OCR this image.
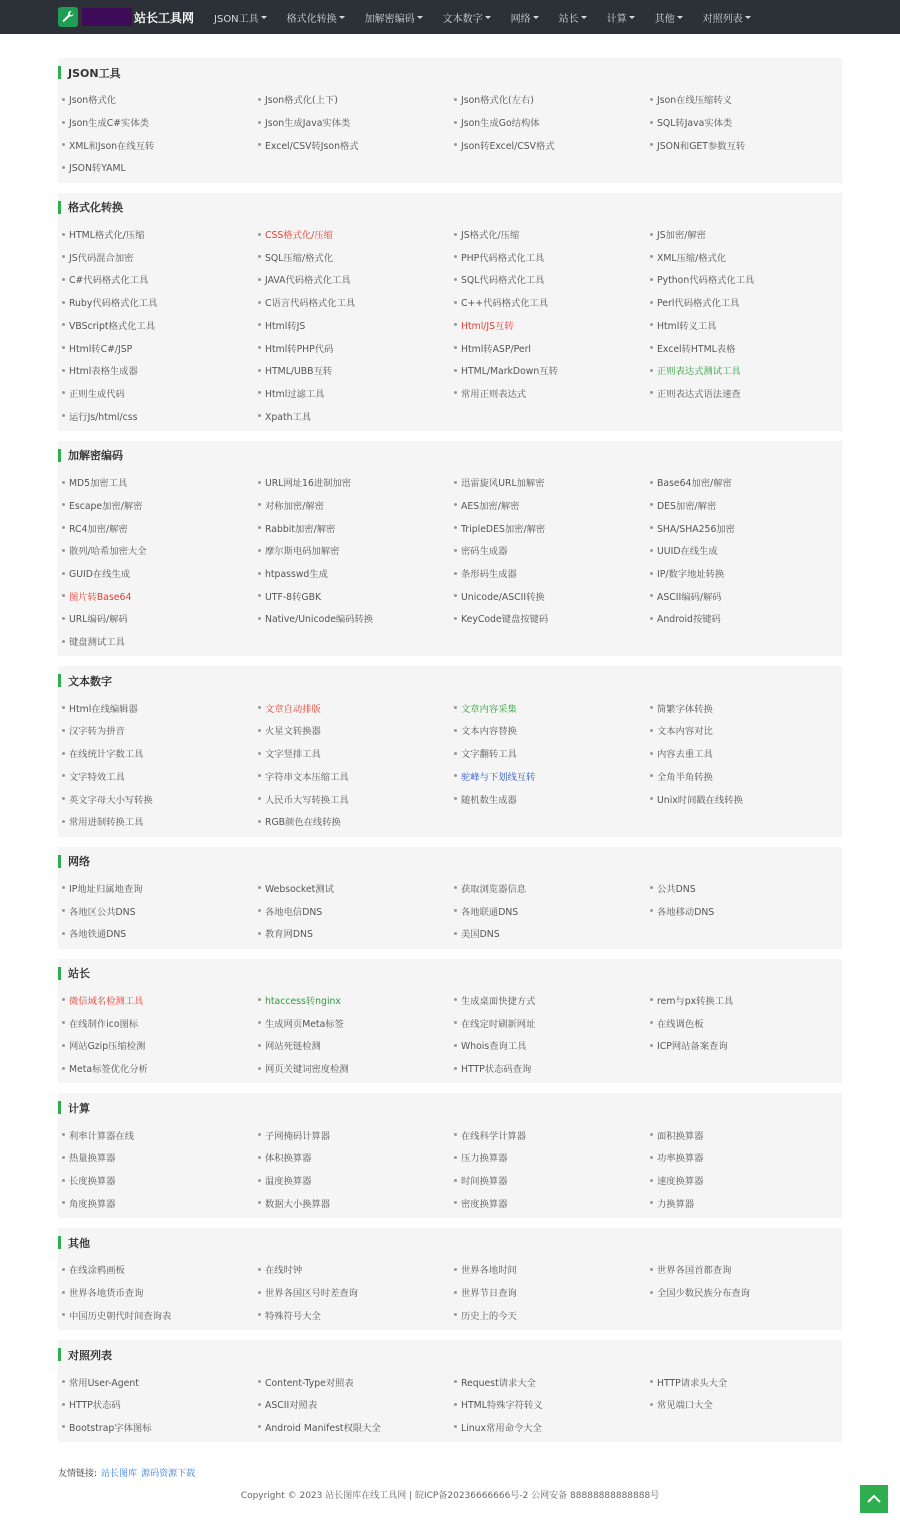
站长工具网 JSON工具	格式化转换	加解密编码	文本数字	网络	站长	计算	其他	对照列表
JSON工具
Json格式化	Json格式化(上下)	Json格式化(左右)	Json在线压缩转义
Json生成C#实体类	Json生成Java实体类	Json生成Go结构体	SQL转Java实体类
XML和Json在线互转	Excel/CSV转Json格式	Json转Excel/CSV格式	JSON和GET参数互转
JSON转YAML
格式化转换
HTML格式化/压缩	CSS格式化/压缩	JS格式化/压缩	JS加密/解密
JS代码混合加密	SQL压缩/格式化	PHP代码格式化工具	XML压缩/格式化
C#代码格式化工具	JAVA代码格式化工具	SQL代码格式化工具	Python代码格式化工具
Ruby代码格式化工具	C语言代码格式化工具	C++代码格式化工具	Perl代码格式化工具
VBScript格式化工具	Html转JS	Html/JS互转	Html转义工具
Html转C#/JSP	Html转PHP代码	Html转ASP/Perl	Excel转HTML表格
Html表格生成器	HTML/UBB互转	HTML/MarkDown互转	正则表达式测试工具
正则生成代码	Html过滤工具	常用正则表达式	正则表达式语法速查
运行Js/html/css	Xpath工具
加解密编码
MD5加密工具	URL网址16进制加密	迅雷旋风URL加解密	Base64加密/解密
Escape加密/解密	对称加密/解密	AES加密/解密	DES加密/解密
RC4加密/解密	Rabbit加密/解密	TripleDES加密/解密	SHA/SHA256加密
散列/哈希加密大全	摩尔斯电码加解密	密码生成器	UUID在线生成
GUID在线生成	htpasswd生成	条形码生成器	IP/数字地址转换
图片转Base64	UTF-8转GBK	Unicode/ASCII转换	ASCII编码/解码
URL编码/解码	Native/Unicode编码转换	KeyCode键盘按键码	Android按键码
键盘测试工具
文本数字
Html在线编辑器	文章自动排版	文章内容采集	简繁字体转换
汉字转为拼音	火星文转换器	文本内容替换	文本内容对比
在线统计字数工具	文字竖排工具	文字翻转工具	内容去重工具
文字特效工具	字符串文本压缩工具	驼峰与下划线互转	全角半角转换
英文字母大小写转换	人民币大写转换工具	随机数生成器	Unix时间戳在线转换
常用进制转换工具	RGB颜色在线转换
网络
IP地址归属地查询	Websocket测试	获取浏览器信息	公共DNS
各地区公共DNS	各地电信DNS	各地联通DNS	各地移动DNS
各地铁通DNS	教育网DNS	美国DNS
站长
微信域名检测工具	htaccess转nginx	生成桌面快捷方式	rem与px转换工具
在线制作ico图标	生成网页Meta标签	在线定时刷新网址	在线调色板
网站Gzip压缩检测	网站死链检测	Whois查询工具	ICP网站备案查询
Meta标签优化分析	网页关键词密度检测	HTTP状态码查询
计算
利率计算器在线	子网掩码计算器	在线科学计算器	面积换算器
热量换算器	体积换算器	压力换算器	功率换算器
长度换算器	温度换算器	时间换算器	速度换算器
角度换算器	数据大小换算器	密度换算器	力换算器
其他
在线涂鸦画板	在线时钟	世界各地时间	世界各国首都查询
世界各地货币查询	世界各国区号时差查询	世界节日查询	全国少数民族分布查询
中国历史朝代时间查询表	特殊符号大全	历史上的今天
对照列表
常用User-Agent	Content-Type对照表	Request请求大全	HTTP请求头大全
HTTP状态码	ASCII对照表	HTML特殊字符转义	常见端口大全
Bootstrap字体图标	Android Manifest权限大全	Linux常用命令大全
友情链接: 站长图库 源码资源下载
Copyright © 2023 站长图库在线工具网 | 皖ICP备20236666666号-2 公网安备 88888888888888号
